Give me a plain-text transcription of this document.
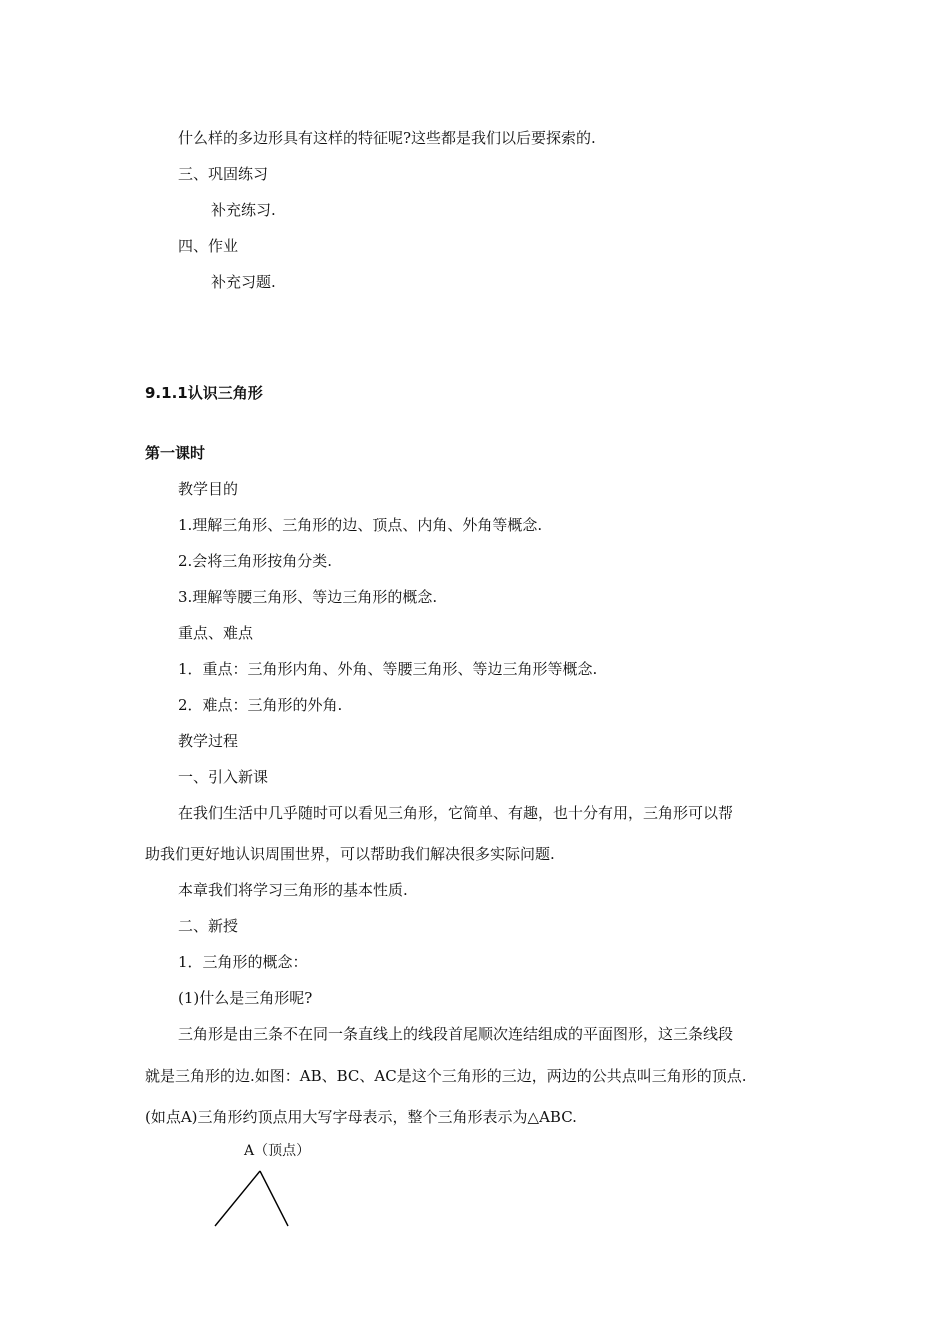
什么样的多边形具有这样的特征呢?这些都是我们以后要探索的.
三、巩固练习
补充练习.
四、作业
补充习题.
9.1.1认识三角形
第一课时
教学目的
1.理解三角形、三角形的边、顶点、内角、外角等概念.
2.会将三角形按角分类.
3.理解等腰三角形、等边三角形的概念.
重点、难点
1．重点：三角形内角、外角、等腰三角形、等边三角形等概念.
2．难点：三角形的外角.
教学过程
一、引入新课
在我们生活中几乎随时可以看见三角形，它简单、有趣，也十分有用，三角形可以帮
助我们更好地认识周围世界，可以帮助我们解决很多实际问题.
本章我们将学习三角形的基本性质.
二、新授
1．三角形的概念：
(1)什么是三角形呢?
三角形是由三条不在同一条直线上的线段首尾顺次连结组成的平面图形，这三条线段
就是三角形的边.如图：AB、BC、AC是这个三角形的三边，两边的公共点叫三角形的顶点.
(如点A)三角形约顶点用大写字母表示，整个三角形表示为△ABC.
A（顶点）
